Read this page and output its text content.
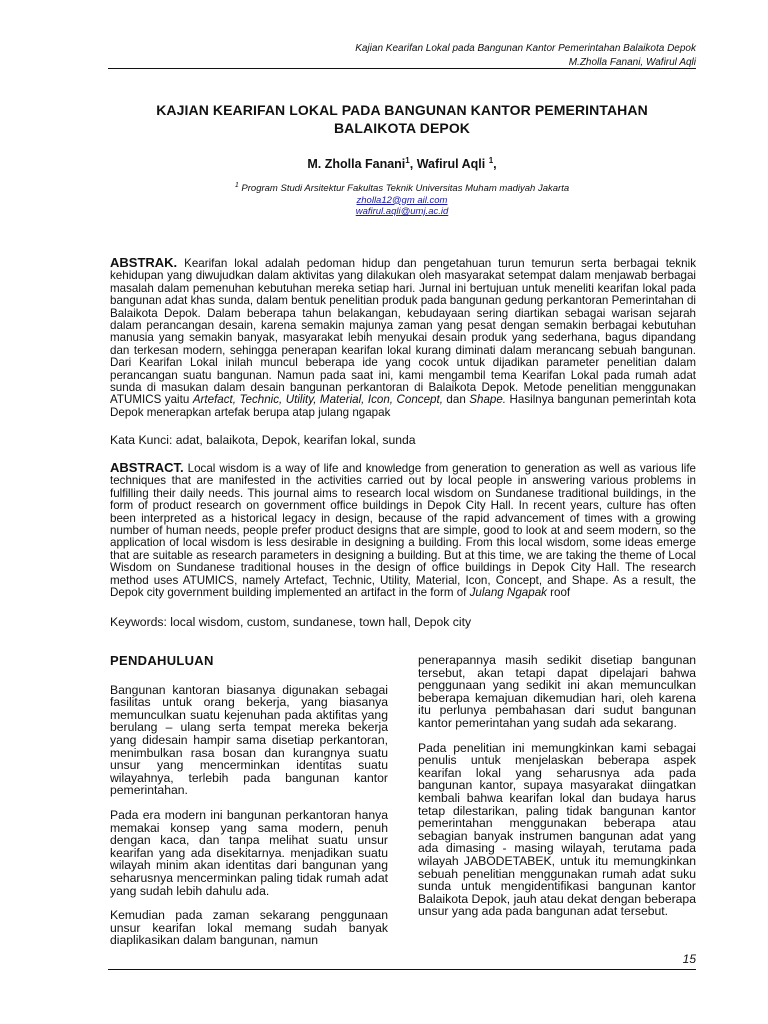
Kajian Kearifan Lokal pada Bangunan Kantor Pemerintahan Balaikota Depok
M.Zholla Fanani, Wafirul Aqli
KAJIAN KEARIFAN LOKAL PADA BANGUNAN KANTOR PEMERINTAHAN
BALAIKOTA DEPOK
M. Zholla Fanani$^1$, Wafirul Aqli $^1$,
$^1$ Program Studi Arsitektur Fakultas Teknik Universitas Muham madiyah Jakarta
zholla12@gm ail.com
wafirul.aqli@umj.ac.id
ABSTRAK. Kearifan lokal adalah pedoman hidup dan pengetahuan turun temurun serta berbagai teknik kehidupan yang diwujudkan dalam aktivitas yang dilakukan oleh masyarakat setempat dalam menjawab berbagai masalah dalam pemenuhan kebutuhan mereka setiap hari. Jurnal ini bertujuan untuk meneliti kearifan lokal pada bangunan adat khas sunda, dalam bentuk penelitian produk pada bangunan gedung perkantoran Pemerintahan di Balaikota Depok. Dalam beberapa tahun belakangan, kebudayaan sering diartikan sebagai warisan sejarah dalam perancangan desain, karena semakin majunya zaman yang pesat dengan semakin berbagai kebutuhan manusia yang semakin banyak, masyarakat lebih menyukai desain produk yang sederhana, bagus dipandang dan terkesan modern, sehingga penerapan kearifan lokal kurang diminati dalam merancang sebuah bangunan. Dari Kearifan Lokal inilah muncul beberapa ide yang cocok untuk dijadikan parameter penelitian dalam perancangan suatu bangunan. Namun pada saat ini, kami mengambil tema Kearifan Lokal pada rumah adat sunda di masukan dalam desain bangunan perkantoran di Balaikota Depok. Metode penelitian menggunakan ATUMICS yaitu Artefact, Technic, Utility, Material, Icon, Concept, dan Shape. Hasilnya bangunan pemerintah kota Depok menerapkan artefak berupa atap julang ngapak
Kata Kunci: adat, balaikota, Depok, kearifan lokal, sunda
ABSTRACT. Local wisdom is a way of life and knowledge from generation to generation as well as various life techniques that are manifested in the activities carried out by local people in answering various problems in fulfilling their daily needs. This journal aims to research local wisdom on Sundanese traditional buildings, in the form of product research on government office buildings in Depok City Hall. In recent years, culture has often been interpreted as a historical legacy in design, because of the rapid advancement of times with a growing number of human needs, people prefer product designs that are simple, good to look at and seem modern, so the application of local wisdom is less desirable in designing a building. From this local wisdom, some ideas emerge that are suitable as research parameters in designing a building. But at this time, we are taking the theme of Local Wisdom on Sundanese traditional houses in the design of office buildings in Depok City Hall. The research method uses ATUMICS, namely Artefact, Technic, Utility, Material, Icon, Concept, and Shape. As a result, the Depok city government building implemented an artifact in the form of Julang Ngapak roof
Keywords: local wisdom, custom, sundanese, town hall, Depok city
PENDAHULUAN

Bangunan kantoran biasanya digunakan sebagai fasilitas untuk orang bekerja, yang biasanya memunculkan suatu kejenuhan pada aktifitas yang berulang – ulang serta tempat mereka bekerja yang didesain hampir sama disetiap perkantoran, menimbulkan rasa bosan dan kurangnya suatu unsur yang mencerminkan identitas suatu wilayahnya, terlebih pada bangunan kantor pemerintahan.

Pada era modern ini bangunan perkantoran hanya memakai konsep yang sama modern, penuh dengan kaca, dan tanpa melihat suatu unsur kearifan yang ada disekitarnya. menjadikan suatu wilayah minim akan identitas dari bangunan yang seharusnya mencerminkan paling tidak rumah adat yang sudah lebih dahulu ada.

Kemudian pada zaman sekarang penggunaan unsur kearifan lokal memang sudah banyak diaplikasikan dalam bangunan, namun

penerapannya masih sedikit disetiap bangunan tersebut, akan tetapi dapat dipelajari bahwa penggunaan yang sedikit ini akan memunculkan beberapa kemajuan dikemudian hari, oleh karena itu perlunya pembahasan dari sudut bangunan kantor pemerintahan yang sudah ada sekarang.

Pada penelitian ini memungkinkan kami sebagai penulis untuk menjelaskan beberapa aspek kearifan lokal yang seharusnya ada pada bangunan kantor, supaya masyarakat diingatkan kembali bahwa kearifan lokal dan budaya harus tetap dilestarikan, paling tidak bangunan kantor pemerintahan menggunakan beberapa atau sebagian banyak instrumen bangunan adat yang ada dimasing - masing wilayah, terutama pada wilayah JABODETABEK, untuk itu memungkinkan sebuah penelitian menggunakan rumah adat suku sunda untuk mengidentifikasi bangunan kantor Balaikota Depok, jauh atau dekat dengan beberapa unsur yang ada pada bangunan adat tersebut.

15
